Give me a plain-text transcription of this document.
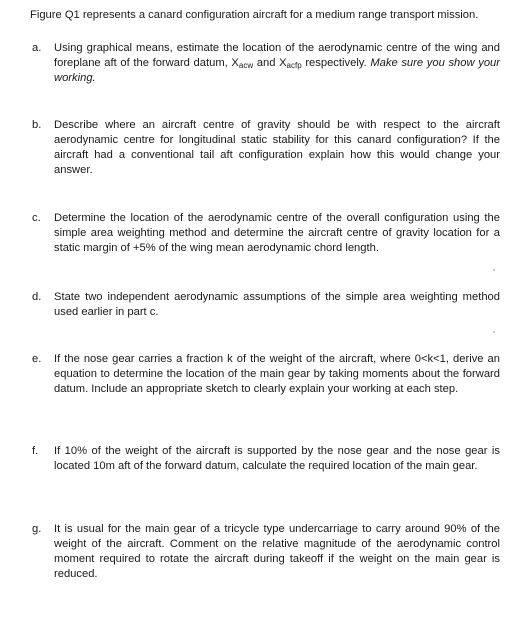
Figure Q1 represents a canard configuration aircraft for a medium range transport mission.
a. Using graphical means, estimate the location of the aerodynamic centre of the wing and foreplane aft of the forward datum, $X_{acw}$ and $X_{acfp}$ respectively. Make sure you show your working.
b. Describe where an aircraft centre of gravity should be with respect to the aircraft aerodynamic centre for longitudinal static stability for this canard configuration? If the aircraft had a conventional tail aft configuration explain how this would change your answer.
c. Determine the location of the aerodynamic centre of the overall configuration using the simple area weighting method and determine the aircraft centre of gravity location for a static margin of +5% of the wing mean aerodynamic chord length.
d. State two independent aerodynamic assumptions of the simple area weighting method used earlier in part c.
e. If the nose gear carries a fraction k of the weight of the aircraft, where 0<k<1, derive an equation to determine the location of the main gear by taking moments about the forward datum. Include an appropriate sketch to clearly explain your working at each step.
f. If 10% of the weight of the aircraft is supported by the nose gear and the nose gear is located 10m aft of the forward datum, calculate the required location of the main gear.
g. It is usual for the main gear of a tricycle type undercarriage to carry around 90% of the weight of the aircraft. Comment on the relative magnitude of the aerodynamic control moment required to rotate the aircraft during takeoff if the weight on the main gear is reduced.
